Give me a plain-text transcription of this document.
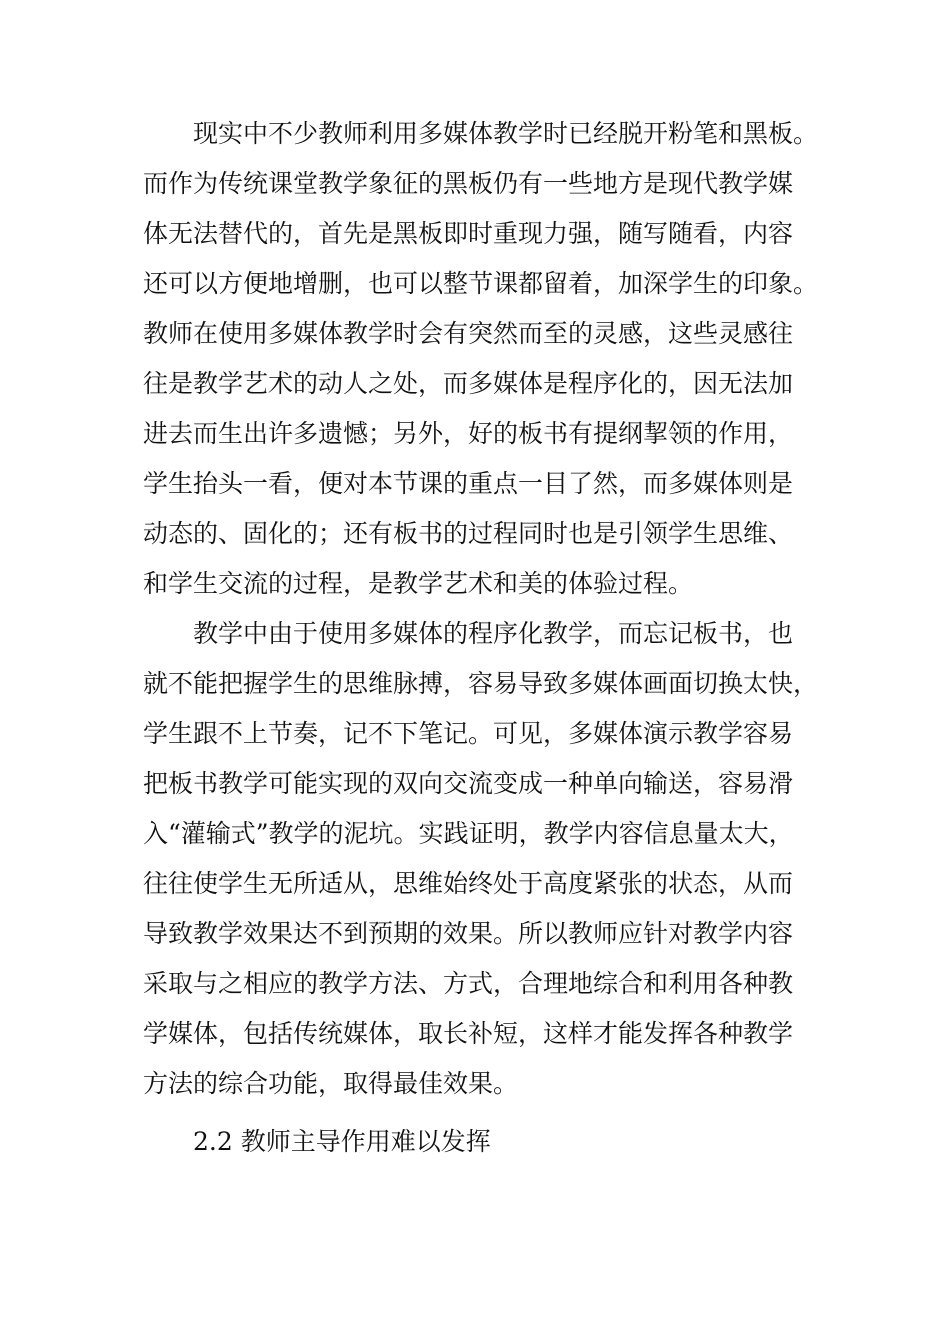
现实中不少教师利用多媒体教学时已经脱开粉笔和黑板。
而作为传统课堂教学象征的黑板仍有一些地方是现代教学媒
体无法替代的，首先是黑板即时重现力强，随写随看，内容
还可以方便地增删，也可以整节课都留着，加深学生的印象。
教师在使用多媒体教学时会有突然而至的灵感，这些灵感往
往是教学艺术的动人之处，而多媒体是程序化的，因无法加
进去而生出许多遗憾；另外，好的板书有提纲挈领的作用，
学生抬头一看，便对本节课的重点一目了然，而多媒体则是
动态的、固化的；还有板书的过程同时也是引领学生思维、
和学生交流的过程，是教学艺术和美的体验过程。
教学中由于使用多媒体的程序化教学，而忘记板书，也
就不能把握学生的思维脉搏，容易导致多媒体画面切换太快，
学生跟不上节奏，记不下笔记。可见，多媒体演示教学容易
把板书教学可能实现的双向交流变成一种单向输送，容易滑
入“灌输式”教学的泥坑。实践证明，教学内容信息量太大，
往往使学生无所适从，思维始终处于高度紧张的状态，从而
导致教学效果达不到预期的效果。所以教师应针对教学内容
采取与之相应的教学方法、方式，合理地综合和利用各种教
学媒体，包括传统媒体，取长补短，这样才能发挥各种教学
方法的综合功能，取得最佳效果。

2.2 教师主导作用难以发挥
